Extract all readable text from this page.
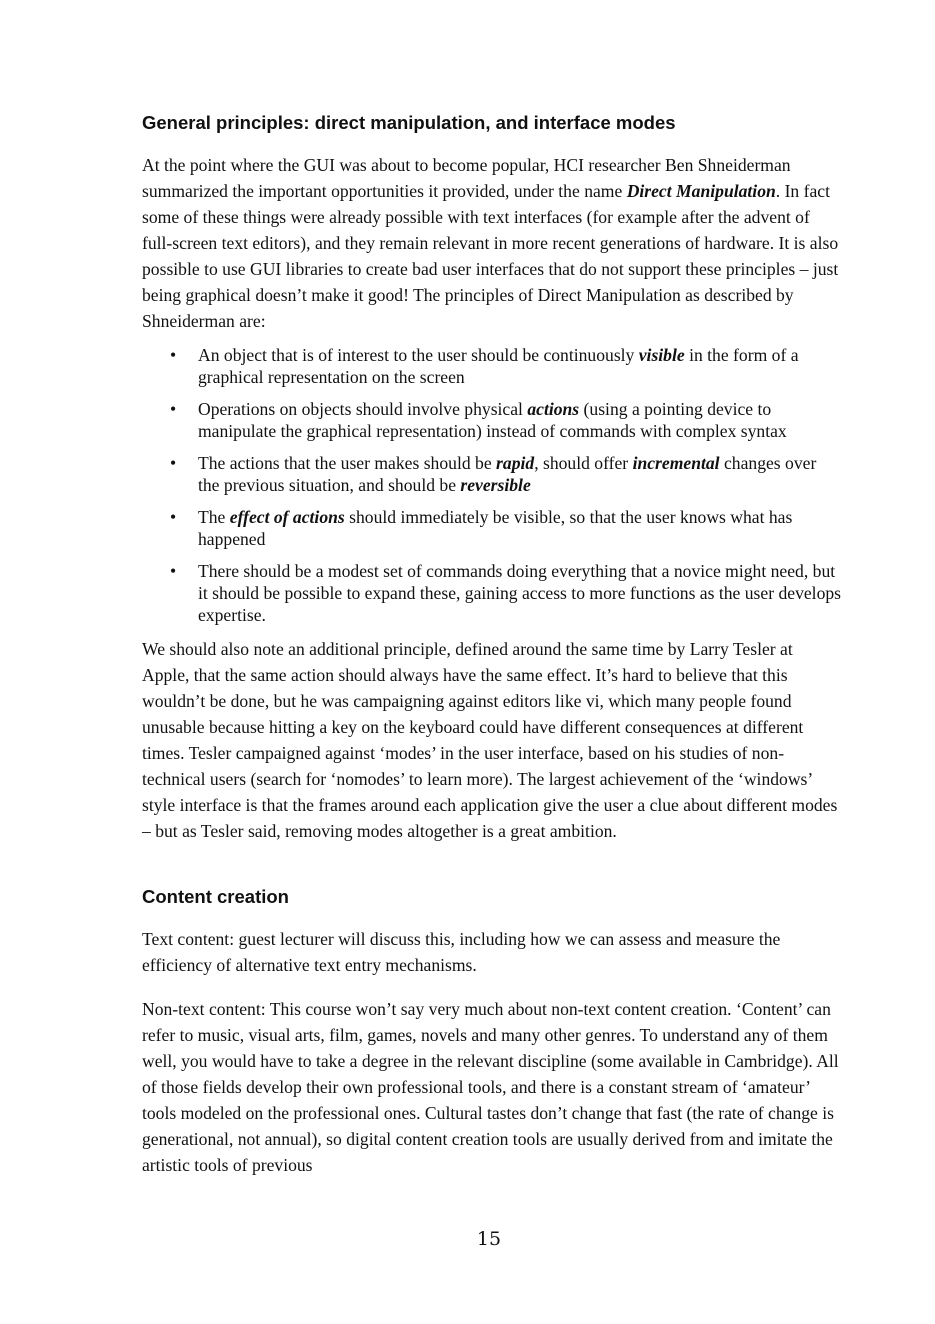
General principles: direct manipulation, and interface modes

At the point where the GUI was about to become popular, HCI researcher Ben Shneiderman summarized the important opportunities it provided, under the name Direct Manipulation. In fact some of these things were already possible with text interfaces (for example after the advent of full-screen text editors), and they remain relevant in more recent generations of hardware. It is also possible to use GUI libraries to create bad user interfaces that do not support these principles – just being graphical doesn’t make it good! The principles of Direct Manipulation as described by Shneiderman are:

• An object that is of interest to the user should be continuously visible in the form of a graphical representation on the screen
• Operations on objects should involve physical actions (using a pointing device to manipulate the graphical representation) instead of commands with complex syntax
• The actions that the user makes should be rapid, should offer incremental changes over the previous situation, and should be reversible
• The effect of actions should immediately be visible, so that the user knows what has happened
• There should be a modest set of commands doing everything that a novice might need, but it should be possible to expand these, gaining access to more functions as the user develops expertise.

We should also note an additional principle, defined around the same time by Larry Tesler at Apple, that the same action should always have the same effect. It’s hard to believe that this wouldn’t be done, but he was campaigning against editors like vi, which many people found unusable because hitting a key on the keyboard could have different consequences at different times. Tesler campaigned against ‘modes’ in the user interface, based on his studies of non-technical users (search for ‘nomodes’ to learn more). The largest achievement of the ‘windows’ style interface is that the frames around each application give the user a clue about different modes – but as Tesler said, removing modes altogether is a great ambition.

Content creation

Text content: guest lecturer will discuss this, including how we can assess and measure the efficiency of alternative text entry mechanisms.

Non-text content: This course won’t say very much about non-text content creation. ‘Content’ can refer to music, visual arts, film, games, novels and many other genres. To understand any of them well, you would have to take a degree in the relevant discipline (some available in Cambridge). All of those fields develop their own professional tools, and there is a constant stream of ‘amateur’ tools modeled on the professional ones. Cultural tastes don’t change that fast (the rate of change is generational, not annual), so digital content creation tools are usually derived from and imitate the artistic tools of previous

15
